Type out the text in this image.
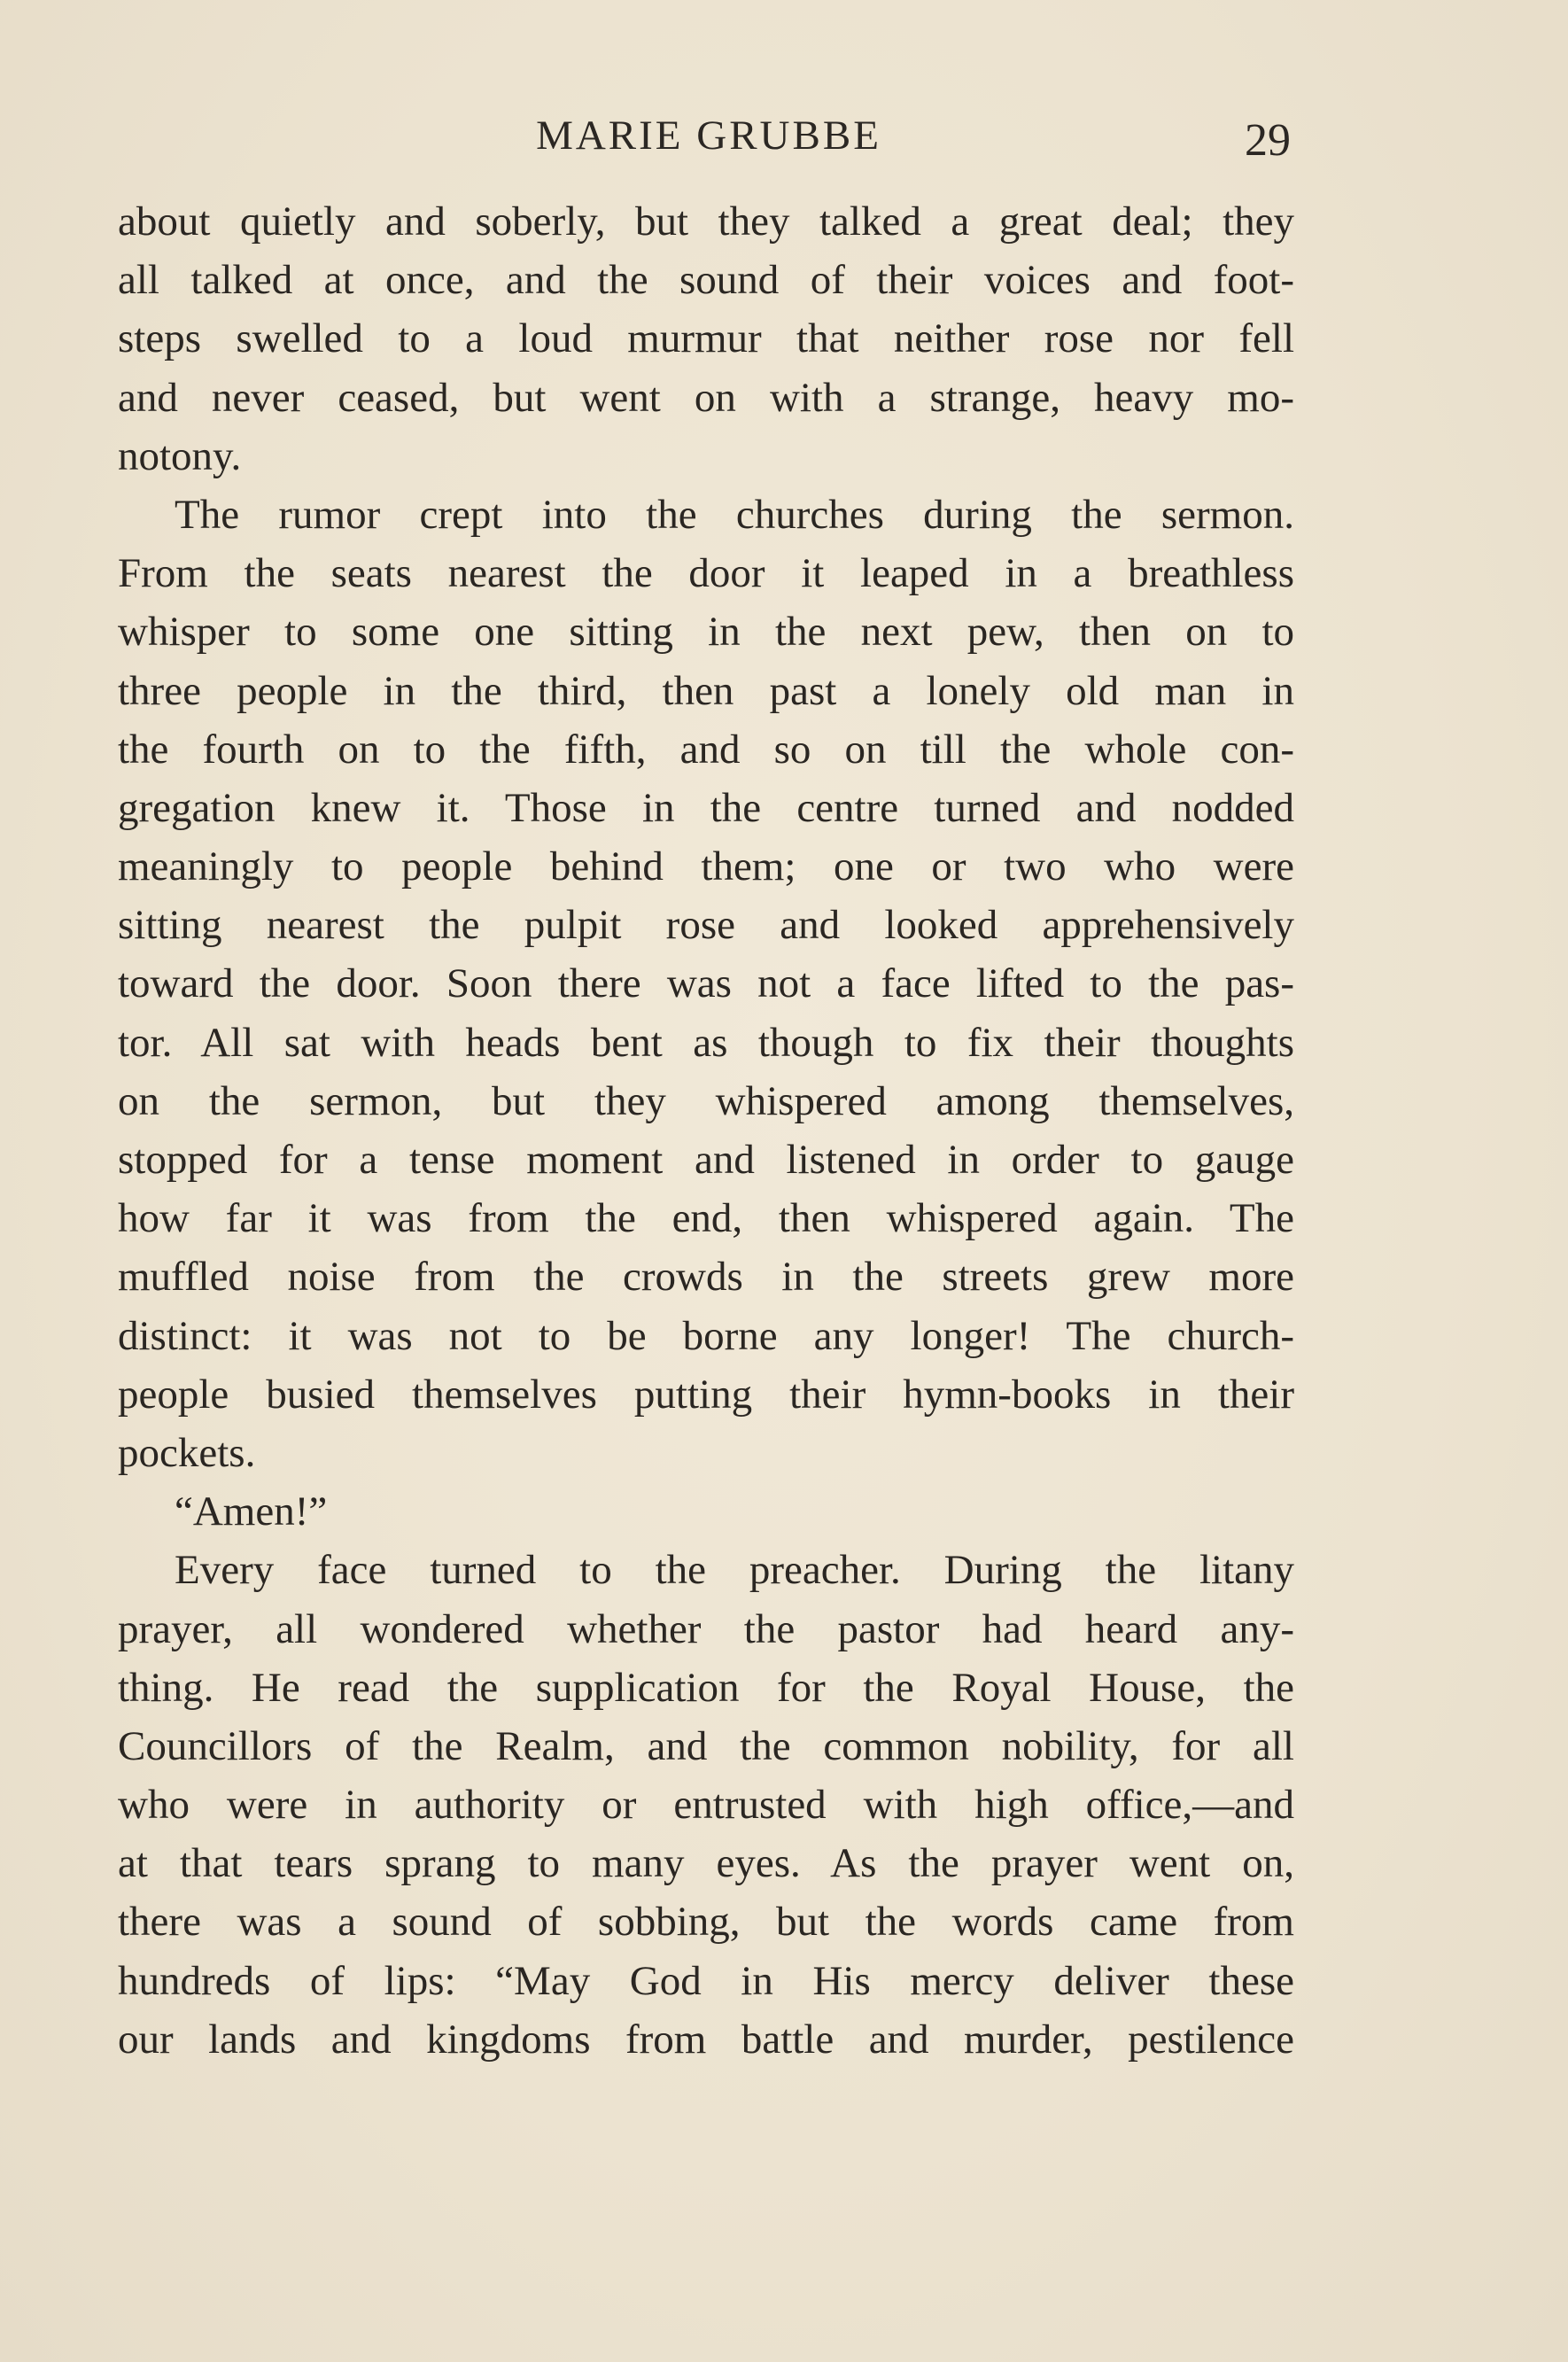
MARIE GRUBBE	29
about quietly and soberly, but they talked a great deal; they
all talked at once, and the sound of their voices and foot-
steps swelled to a loud murmur that neither rose nor fell
and never ceased, but went on with a strange, heavy mo-
notony.
The rumor crept into the churches during the sermon.
From the seats nearest the door it leaped in a breathless
whisper to some one sitting in the next pew, then on to
three people in the third, then past a lonely old man in
the fourth on to the fifth, and so on till the whole con-
gregation knew it. Those in the centre turned and nodded
meaningly to people behind them; one or two who were
sitting nearest the pulpit rose and looked apprehensively
toward the door. Soon there was not a face lifted to the pas-
tor. All sat with heads bent as though to fix their thoughts
on the sermon, but they whispered among themselves,
stopped for a tense moment and listened in order to gauge
how far it was from the end, then whispered again. The
muffled noise from the crowds in the streets grew more
distinct: it was not to be borne any longer! The church-
people busied themselves putting their hymn-books in their
pockets.
“Amen!”
Every face turned to the preacher. During the litany
prayer, all wondered whether the pastor had heard any-
thing. He read the supplication for the Royal House, the
Councillors of the Realm, and the common nobility, for all
who were in authority or entrusted with high office,—and
at that tears sprang to many eyes. As the prayer went on,
there was a sound of sobbing, but the words came from
hundreds of lips: “May God in His mercy deliver these
our lands and kingdoms from battle and murder, pestilence
